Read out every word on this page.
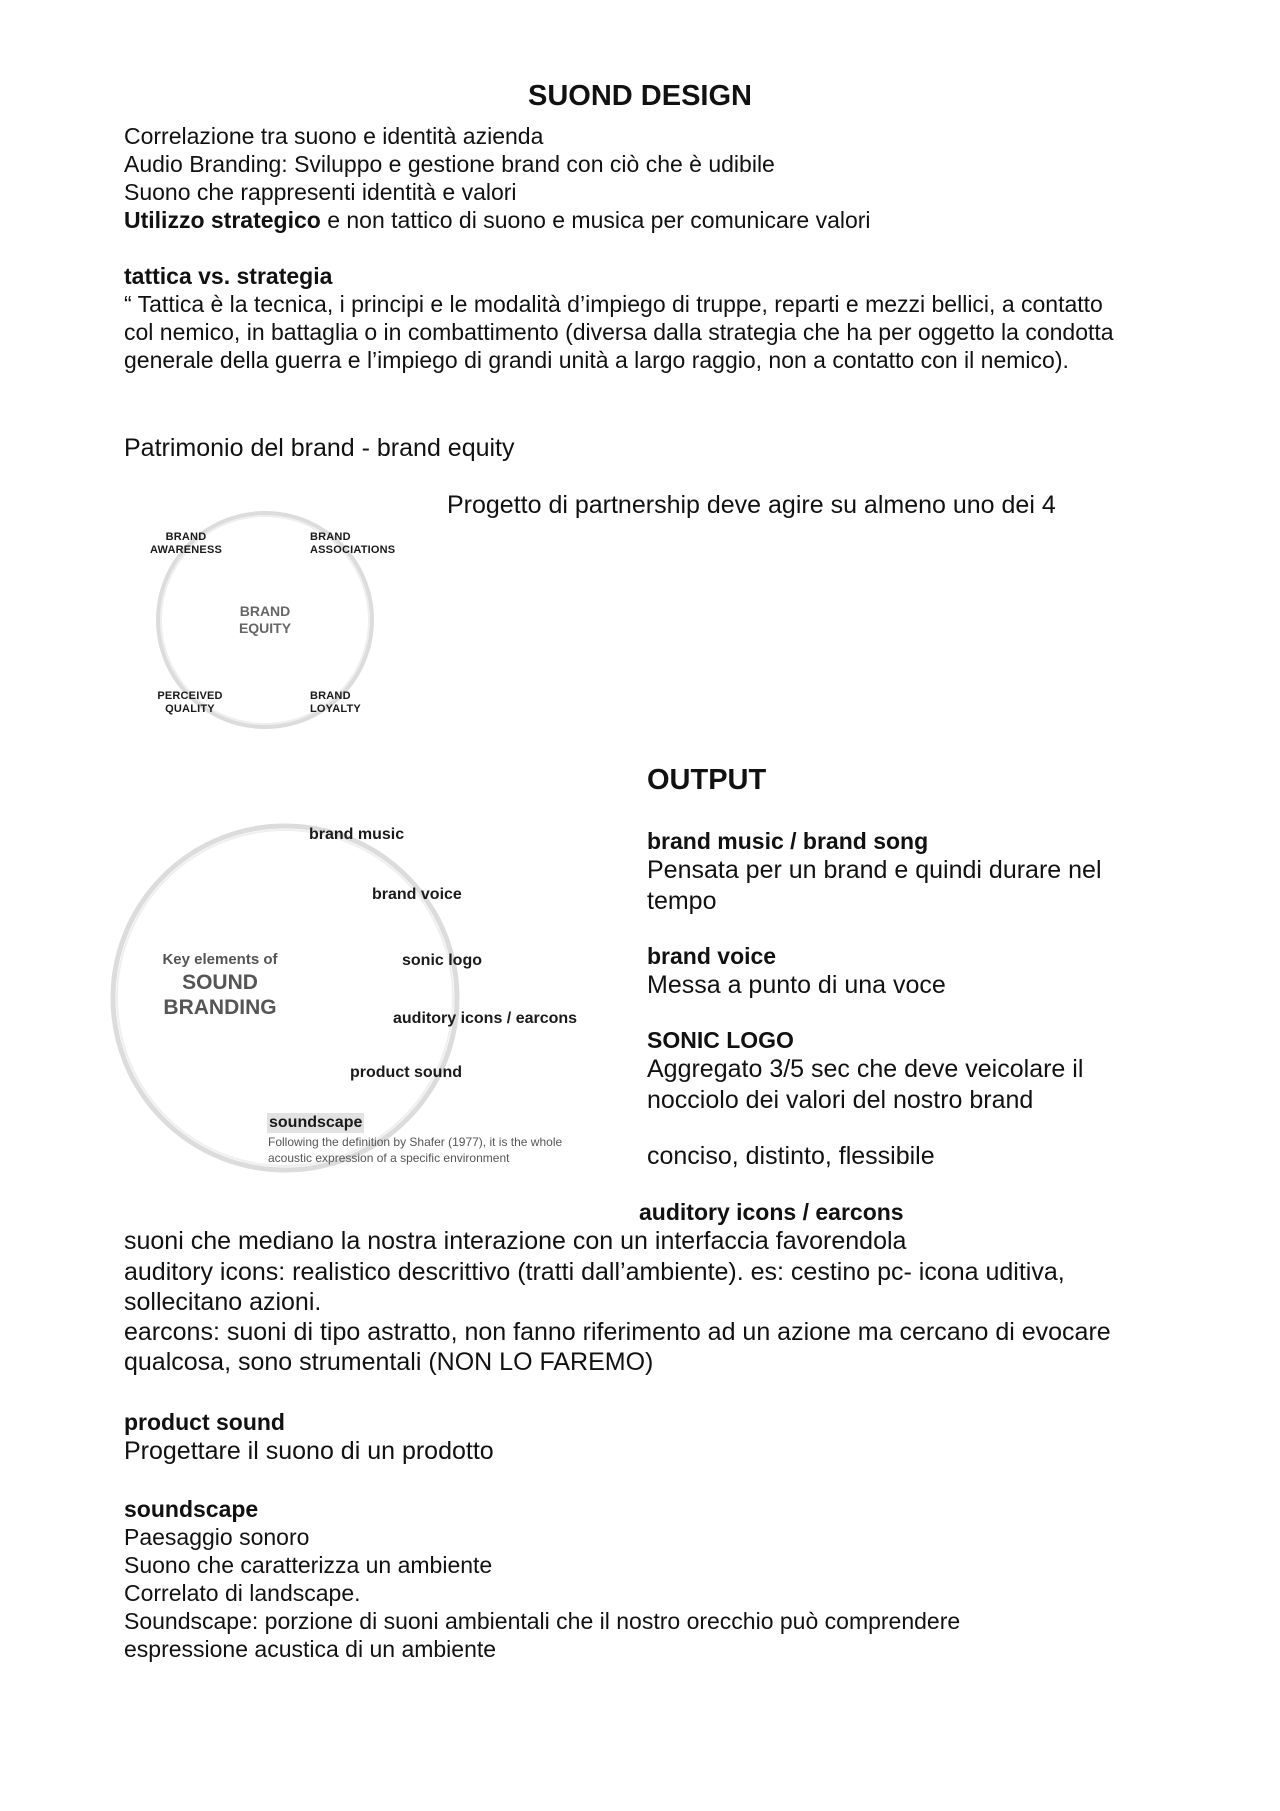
SUOND DESIGN
Correlazione tra suono e identità azienda
Audio Branding: Sviluppo e gestione brand con ciò che è udibile
Suono che rappresenti identità e valori
Utilizzo strategico e non tattico di suono e musica per comunicare valori
tattica vs. strategia
“ Tattica è la tecnica, i principi e le modalità d’impiego di truppe, reparti e mezzi bellici, a contatto
col nemico, in battaglia o in combattimento (diversa dalla strategia che ha per oggetto la condotta
generale della guerra e l’impiego di grandi unità a largo raggio, non a contatto con il nemico).
Patrimonio del brand - brand equity
Progetto di partnership deve agire su almeno uno dei 4
BRAND
AWARENESS
BRAND
ASSOCIATIONS
BRAND
EQUITY
PERCEIVED
QUALITY
BRAND
LOYALTY
Key elements of
SOUND
BRANDING
brand music
brand voice
sonic logo
auditory icons / earcons
product sound
soundscape
Following the definition by Shafer (1977), it is the whole
acoustic expression of a specific environment
OUTPUT
brand music / brand song
Pensata per un brand e quindi durare nel
tempo
brand voice
Messa a punto di una voce
SONIC LOGO
Aggregato 3/5 sec che deve veicolare il
nocciolo dei valori del nostro brand
conciso, distinto, flessibile
auditory icons / earcons
suoni che mediano la nostra interazione con un interfaccia favorendola
auditory icons: realistico descrittivo (tratti dall’ambiente). es: cestino pc- icona uditiva,
sollecitano azioni.
earcons: suoni di tipo astratto, non fanno riferimento ad un azione ma cercano di evocare
qualcosa, sono strumentali (NON LO FAREMO)
product sound
Progettare il suono di un prodotto
soundscape
Paesaggio sonoro
Suono che caratterizza un ambiente
Correlato di landscape.
Soundscape: porzione di suoni ambientali che il nostro orecchio può comprendere
espressione acustica di un ambiente
